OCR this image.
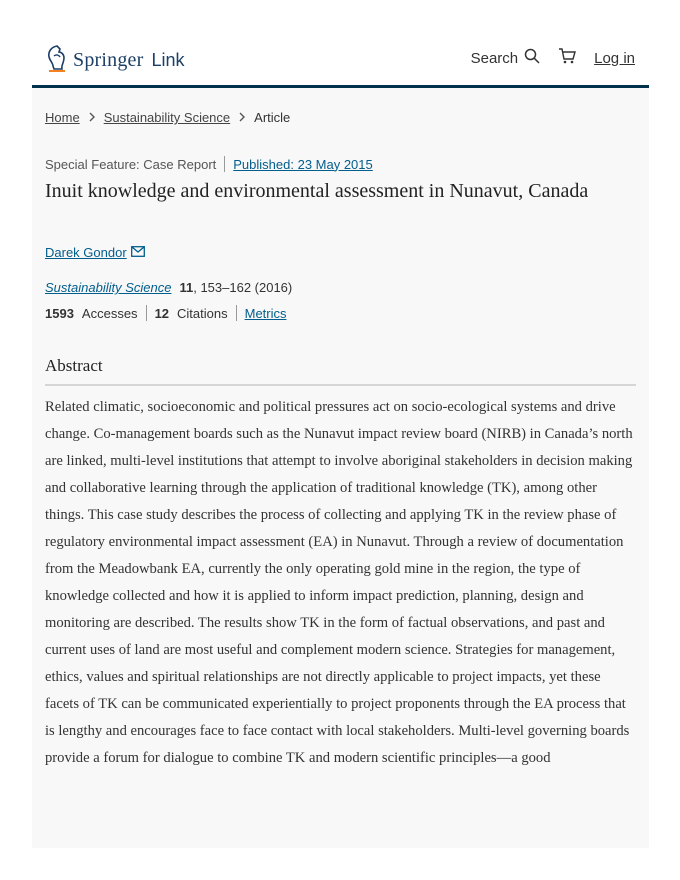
Springer Link	Search	Log in
Home Sustainability Science Article
Special Feature: Case Report Published: 23 May 2015
Inuit knowledge and environmental assessment in Nunavut, Canada
Darek Gondor
Sustainability Science 11, 153–162 (2016)
1593 Accesses 12 Citations Metrics
Abstract

Related climatic, socioeconomic and political pressures act on socio-ecological systems and drive change. Co-management boards such as the Nunavut impact review board (NIRB) in Canada’s north are linked, multi-level institutions that attempt to involve aboriginal stakeholders in decision making and collaborative learning through the application of traditional knowledge (TK), among other things. This case study describes the process of collecting and applying TK in the review phase of regulatory environmental impact assessment (EA) in Nunavut. Through a review of documentation from the Meadowbank EA, currently the only operating gold mine in the region, the type of knowledge collected and how it is applied to inform impact prediction, planning, design and monitoring are described. The results show TK in the form of factual observations, and past and current uses of land are most useful and complement modern science. Strategies for management, ethics, values and spiritual relationships are not directly applicable to project impacts, yet these facets of TK can be communicated experientially to project proponents through the EA process that is lengthy and encourages face to face contact with local stakeholders. Multi-level governing boards provide a forum for dialogue to combine TK and modern scientific principles—a good
